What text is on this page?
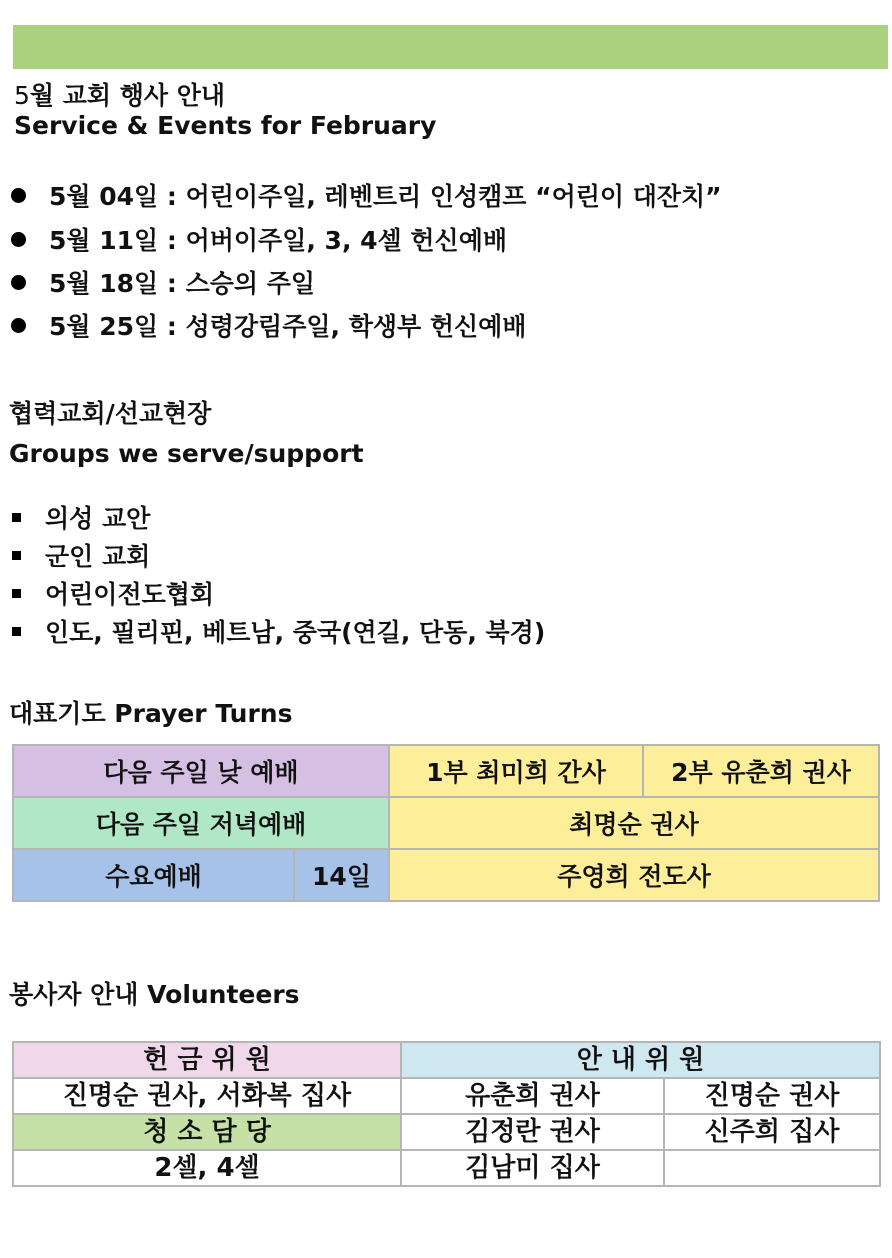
5월 교회 행사 안내
Service & Events for February
5월 04일 : 어린이주일, 레벤트리 인성캠프 “어린이 대잔치”
5월 11일 : 어버이주일, 3, 4셀 헌신예배
5월 18일 : 스승의 주일
5월 25일 : 성령강림주일, 학생부 헌신예배
협력교회/선교현장
Groups we serve/support
의성 교안
군인 교회
어린이전도협회
인도, 필리핀, 베트남, 중국(연길, 단동, 북경)
대표기도 Prayer Turns
다음 주일 낮 예배		1부 최미희 간사	2부 유춘희 권사
다음 주일 저녁예배		최명순 권사	
수요예배	14일	주영희 전도사	
봉사자 안내 Volunteers
헌 금 위 원	안 내 위 원	
진명순 권사, 서화복 집사	유춘희 권사	진명순 권사
청 소 담 당	김정란 권사	신주희 집사
2셀, 4셀	김남미 집사	
